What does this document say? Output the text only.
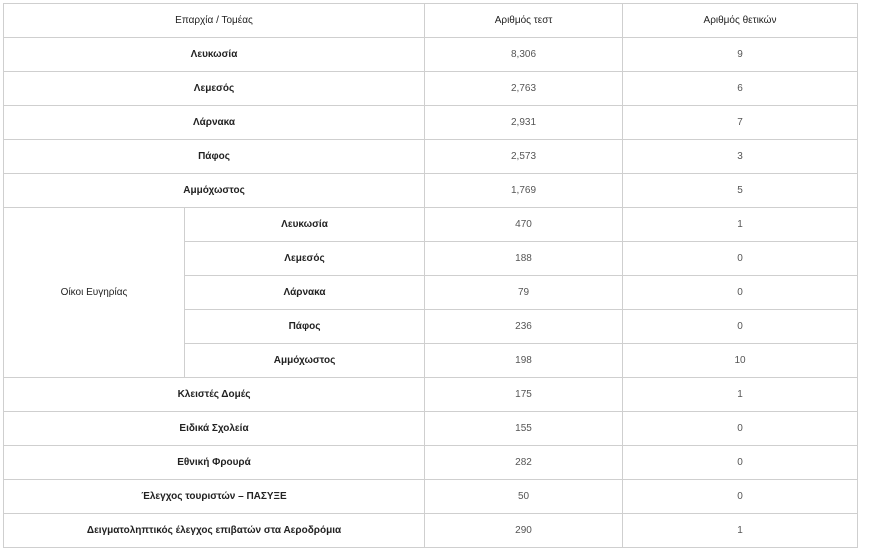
Επαρχία / Τομέας		Αριθμός τεστ	Αριθμός θετικών
Λευκωσία		8,306	9
Λεμεσός		2,763	6
Λάρνακα		2,931	7
Πάφος		2,573	3
Αμμόχωστος		1,769	5
Οίκοι Ευγηρίας	Λευκωσία	470	1
	Λεμεσός	188	0
	Λάρνακα	79	0
	Πάφος	236	0
	Αμμόχωστος	198	10
Κλειστές Δομές		175	1
Ειδικά Σχολεία		155	0
Εθνική Φρουρά		282	0
Έλεγχος τουριστών – ΠΑΣΥΞΕ		50	0
Δειγματοληπτικός έλεγχος επιβατών στα Αεροδρόμια		290	1
